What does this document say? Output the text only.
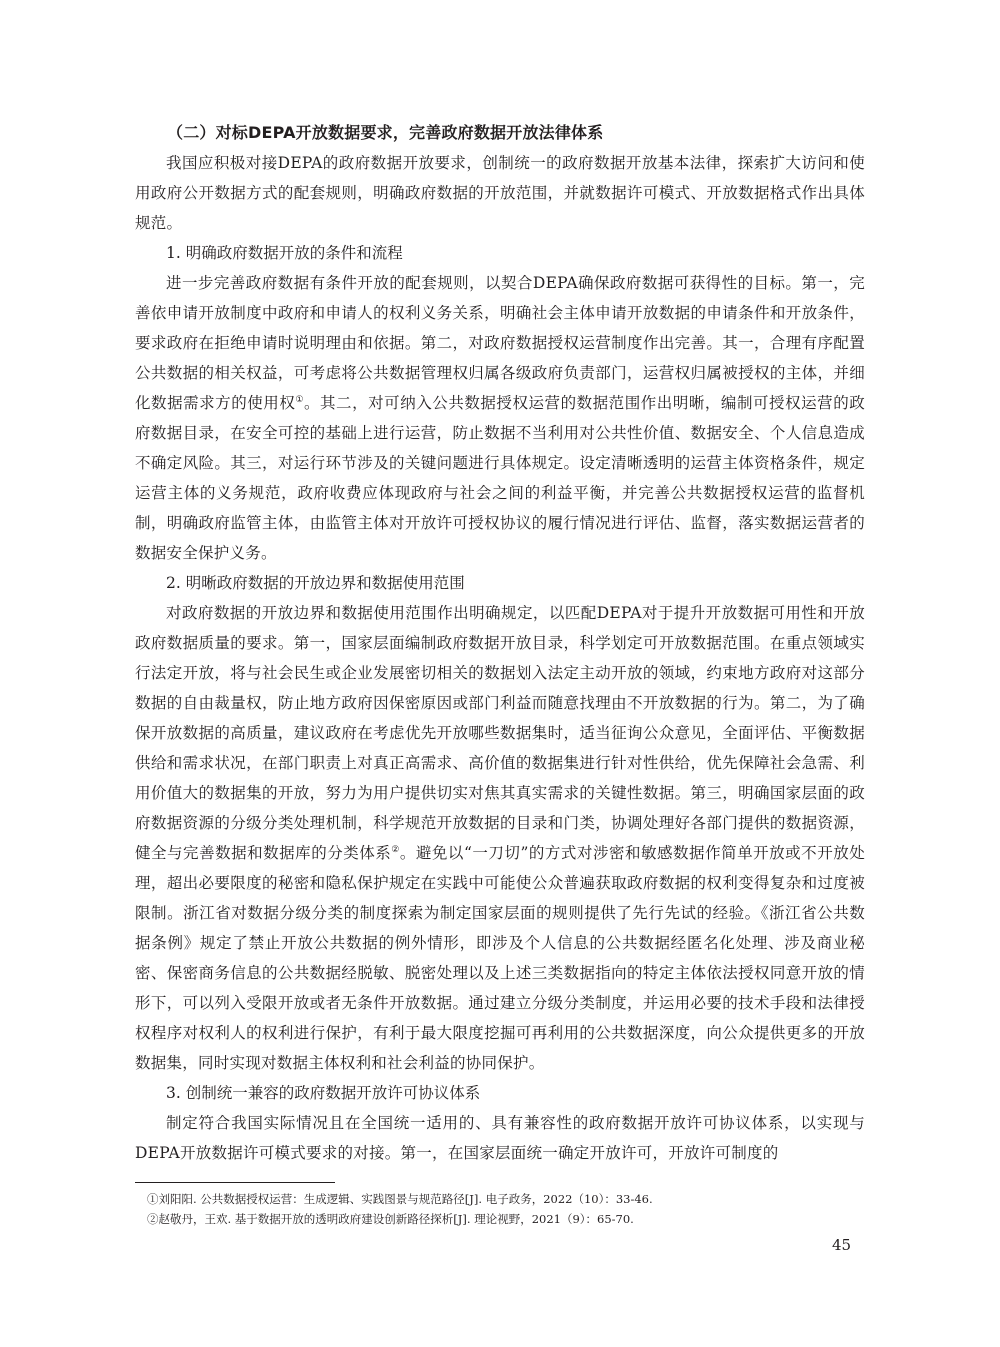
（二）对标DEPA开放数据要求，完善政府数据开放法律体系

我国应积极对接DEPA的政府数据开放要求，创制统一的政府数据开放基本法律，探索扩大访问和使用政府公开数据方式的配套规则，明确政府数据的开放范围，并就数据许可模式、开放数据格式作出具体规范。

1. 明确政府数据开放的条件和流程

进一步完善政府数据有条件开放的配套规则，以契合DEPA确保政府数据可获得性的目标。第一，完善依申请开放制度中政府和申请人的权利义务关系，明确社会主体申请开放数据的申请条件和开放条件，要求政府在拒绝申请时说明理由和依据。第二，对政府数据授权运营制度作出完善。其一，合理有序配置公共数据的相关权益，可考虑将公共数据管理权归属各级政府负责部门，运营权归属被授权的主体，并细化数据需求方的使用权①。其二，对可纳入公共数据授权运营的数据范围作出明晰，编制可授权运营的政府数据目录，在安全可控的基础上进行运营，防止数据不当利用对公共性价值、数据安全、个人信息造成不确定风险。其三，对运行环节涉及的关键问题进行具体规定。设定清晰透明的运营主体资格条件，规定运营主体的义务规范，政府收费应体现政府与社会之间的利益平衡，并完善公共数据授权运营的监督机制，明确政府监管主体，由监管主体对开放许可授权协议的履行情况进行评估、监督，落实数据运营者的数据安全保护义务。

2. 明晰政府数据的开放边界和数据使用范围

对政府数据的开放边界和数据使用范围作出明确规定，以匹配DEPA对于提升开放数据可用性和开放政府数据质量的要求。第一，国家层面编制政府数据开放目录，科学划定可开放数据范围。在重点领域实行法定开放，将与社会民生或企业发展密切相关的数据划入法定主动开放的领域，约束地方政府对这部分数据的自由裁量权，防止地方政府因保密原因或部门利益而随意找理由不开放数据的行为。第二，为了确保开放数据的高质量，建议政府在考虑优先开放哪些数据集时，适当征询公众意见，全面评估、平衡数据供给和需求状况，在部门职责上对真正高需求、高价值的数据集进行针对性供给，优先保障社会急需、利用价值大的数据集的开放，努力为用户提供切实对焦其真实需求的关键性数据。第三，明确国家层面的政府数据资源的分级分类处理机制，科学规范开放数据的目录和门类，协调处理好各部门提供的数据资源，健全与完善数据和数据库的分类体系②。避免以“一刀切”的方式对涉密和敏感数据作简单开放或不开放处理，超出必要限度的秘密和隐私保护规定在实践中可能使公众普遍获取政府数据的权利变得复杂和过度被限制。浙江省对数据分级分类的制度探索为制定国家层面的规则提供了先行先试的经验。《浙江省公共数据条例》规定了禁止开放公共数据的例外情形，即涉及个人信息的公共数据经匿名化处理、涉及商业秘密、保密商务信息的公共数据经脱敏、脱密处理以及上述三类数据指向的特定主体依法授权同意开放的情形下，可以列入受限开放或者无条件开放数据。通过建立分级分类制度，并运用必要的技术手段和法律授权程序对权利人的权利进行保护，有利于最大限度挖掘可再利用的公共数据深度，向公众提供更多的开放数据集，同时实现对数据主体权利和社会利益的协同保护。

3. 创制统一兼容的政府数据开放许可协议体系

制定符合我国实际情况且在全国统一适用的、具有兼容性的政府数据开放许可协议体系，以实现与DEPA开放数据许可模式要求的对接。第一，在国家层面统一确定开放许可，开放许可制度的

①刘阳阳. 公共数据授权运营：生成逻辑、实践图景与规范路径[J]. 电子政务，2022（10）：33-46.

②赵敬丹，王欢. 基于数据开放的透明政府建设创新路径探析[J]. 理论视野，2021（9）：65-70.

45
